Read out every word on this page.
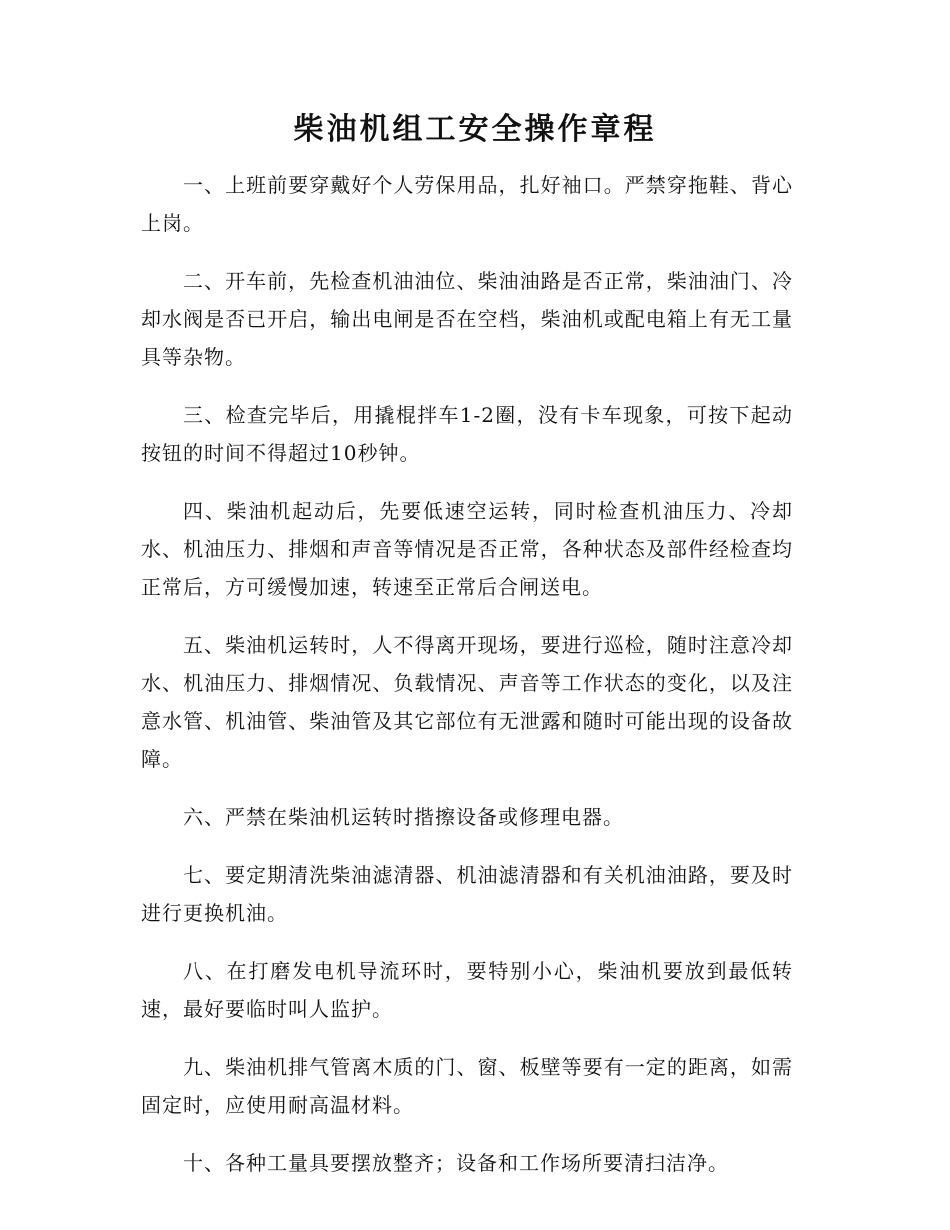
柴油机组工安全操作章程

一、上班前要穿戴好个人劳保用品，扎好袖口。严禁穿拖鞋、背心上岗。

二、开车前，先检查机油油位、柴油油路是否正常，柴油油门、冷却水阀是否已开启，输出电闸是否在空档，柴油机或配电箱上有无工量具等杂物。

三、检查完毕后，用撬棍拌车1-2圈，没有卡车现象，可按下起动按钮的时间不得超过10秒钟。

四、柴油机起动后，先要低速空运转，同时检查机油压力、冷却水、机油压力、排烟和声音等情况是否正常，各种状态及部件经检查均正常后，方可缓慢加速，转速至正常后合闸送电。

五、柴油机运转时，人不得离开现场，要进行巡检，随时注意冷却水、机油压力、排烟情况、负载情况、声音等工作状态的变化，以及注意水管、机油管、柴油管及其它部位有无泄露和随时可能出现的设备故障。

六、严禁在柴油机运转时揩擦设备或修理电器。

七、要定期清洗柴油滤清器、机油滤清器和有关机油油路，要及时进行更换机油。

八、在打磨发电机导流环时，要特别小心，柴油机要放到最低转速，最好要临时叫人监护。

九、柴油机排气管离木质的门、窗、板壁等要有一定的距离，如需固定时，应使用耐高温材料。

十、各种工量具要摆放整齐；设备和工作场所要清扫洁净。
